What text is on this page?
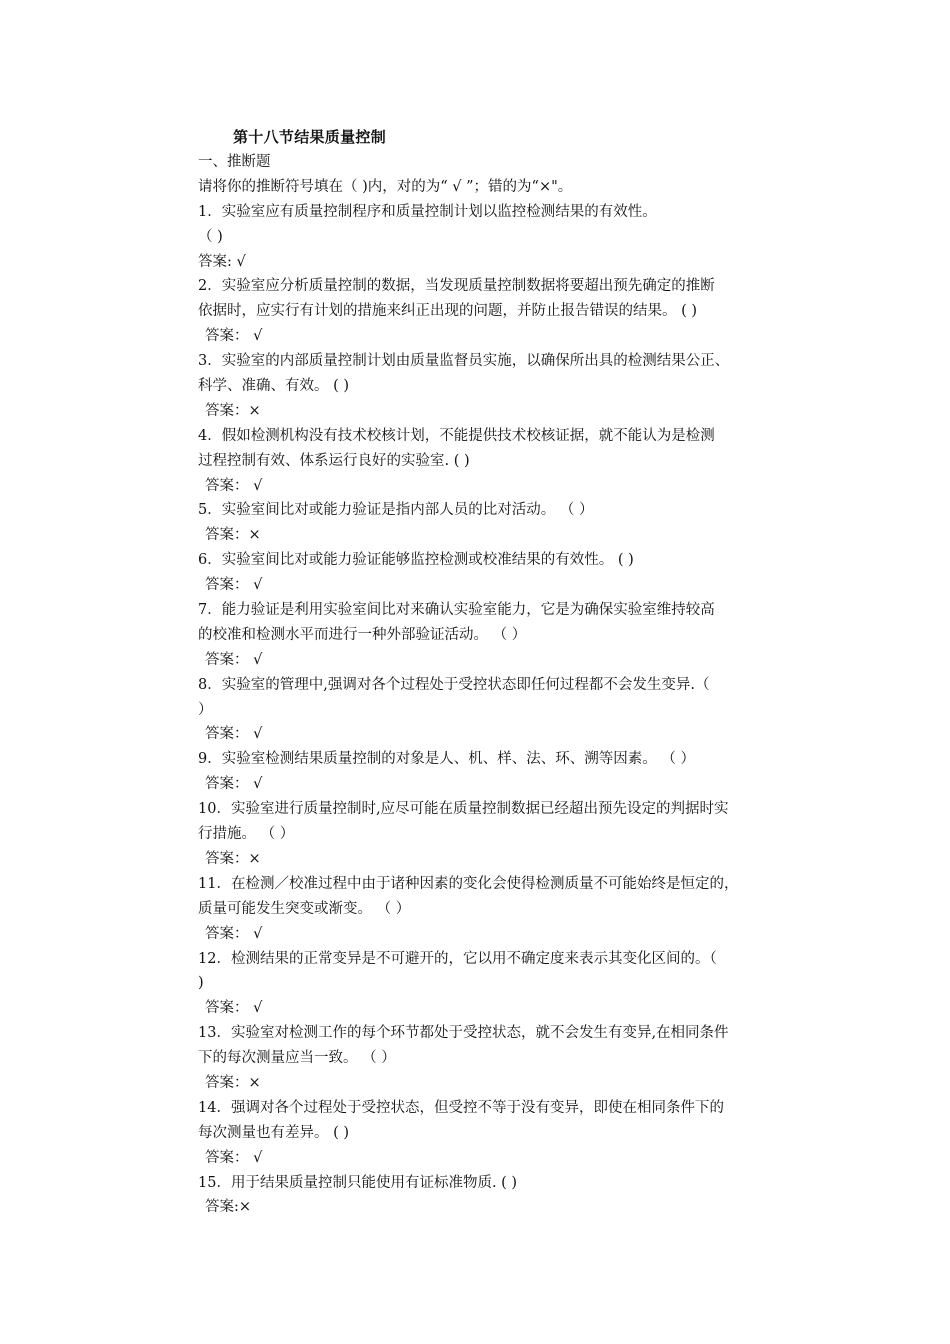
第十八节结果质量控制
一、推断题
请将你的推断符号填在（ )内，对的为“ √ ”；错的为“×"。
1．实验室应有质量控制程序和质量控制计划以监控检测结果的有效性。
（ )
答案: √
2．实验室应分析质量控制的数据，当发现质量控制数据将要超出预先确定的推断
依据时，应实行有计划的措施来纠正出现的问题，并防止报告错误的结果。 ( )
答案： √
3．实验室的内部质量控制计划由质量监督员实施，以确保所出具的检测结果公正、
科学、准确、有效。 ( )
答案：×
4．假如检测机构没有技术校核计划，不能提供技术校核证据，就不能认为是检测
过程控制有效、体系运行良好的实验室. ( )
答案： √
5．实验室间比对或能力验证是指内部人员的比对活动。 （ ）
答案：×
6．实验室间比对或能力验证能够监控检测或校准结果的有效性。 ( )
答案： √
7．能力验证是利用实验室间比对来确认实验室能力，它是为确保实验室维持较高
的校准和检测水平而进行一种外部验证活动。 （ ）
答案： √
8．实验室的管理中,强调对各个过程处于受控状态即任何过程都不会发生变异.（
）
答案： √
9．实验室检测结果质量控制的对象是人、机、样、法、环、溯等因素。 （ ）
答案： √
10．实验室进行质量控制时,应尽可能在质量控制数据已经超出预先设定的判据时实
行措施。 （ ）
答案：×
11．在检测／校准过程中由于诸种因素的变化会使得检测质量不可能始终是恒定的，
质量可能发生突变或渐变。 （ ）
答案： √
12．检测结果的正常变异是不可避开的，它以用不确定度来表示其变化区间的。（
)
答案： √
13．实验室对检测工作的每个环节都处于受控状态，就不会发生有变异,在相同条件
下的每次测量应当一致。 （ ）
答案：×
14．强调对各个过程处于受控状态，但受控不等于没有变异，即使在相同条件下的
每次测量也有差异。 ( )
答案： √
15．用于结果质量控制只能使用有证标准物质. ( )
答案:×
